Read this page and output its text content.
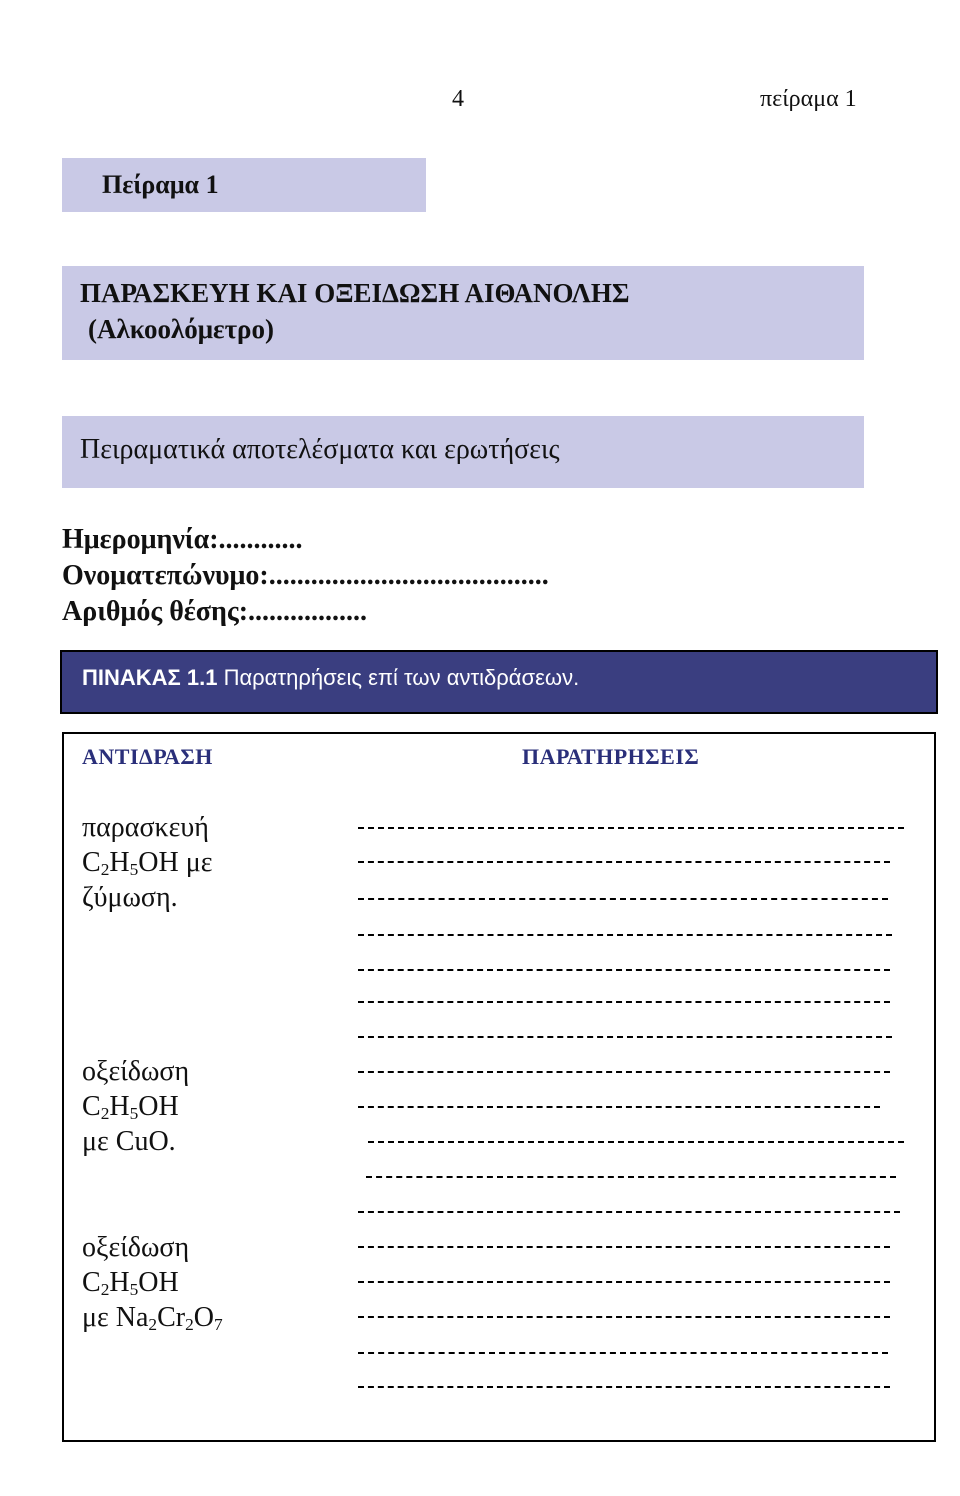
4	πείραμα 1
Πείραμα 1
ΠΑΡΑΣΚΕΥΗ ΚΑΙ ΟΞΕΙΔΩΣΗ ΑΙΘΑΝΟΛΗΣ
(Αλκοολόμετρο)
Πειραματικά αποτελέσματα και ερωτήσεις
Ημερομηνία:............
Ονοματεπώνυμο:........................................
Αριθμός θέσης:.................
ΠΙΝΑΚΑΣ 1.1 Παρατηρήσεις επί των αντιδράσεων.
ΑΝΤΙΔΡΑΣΗ	ΠΑΡΑΤΗΡΗΣΕΙΣ
παρασκευή
$C_2H_5OH$ με
ζύμωση.
οξείδωση
$C_2H_5OH$
με CuO.
οξείδωση
$C_2H_5OH$
με $Na_2Cr_2O_7$
